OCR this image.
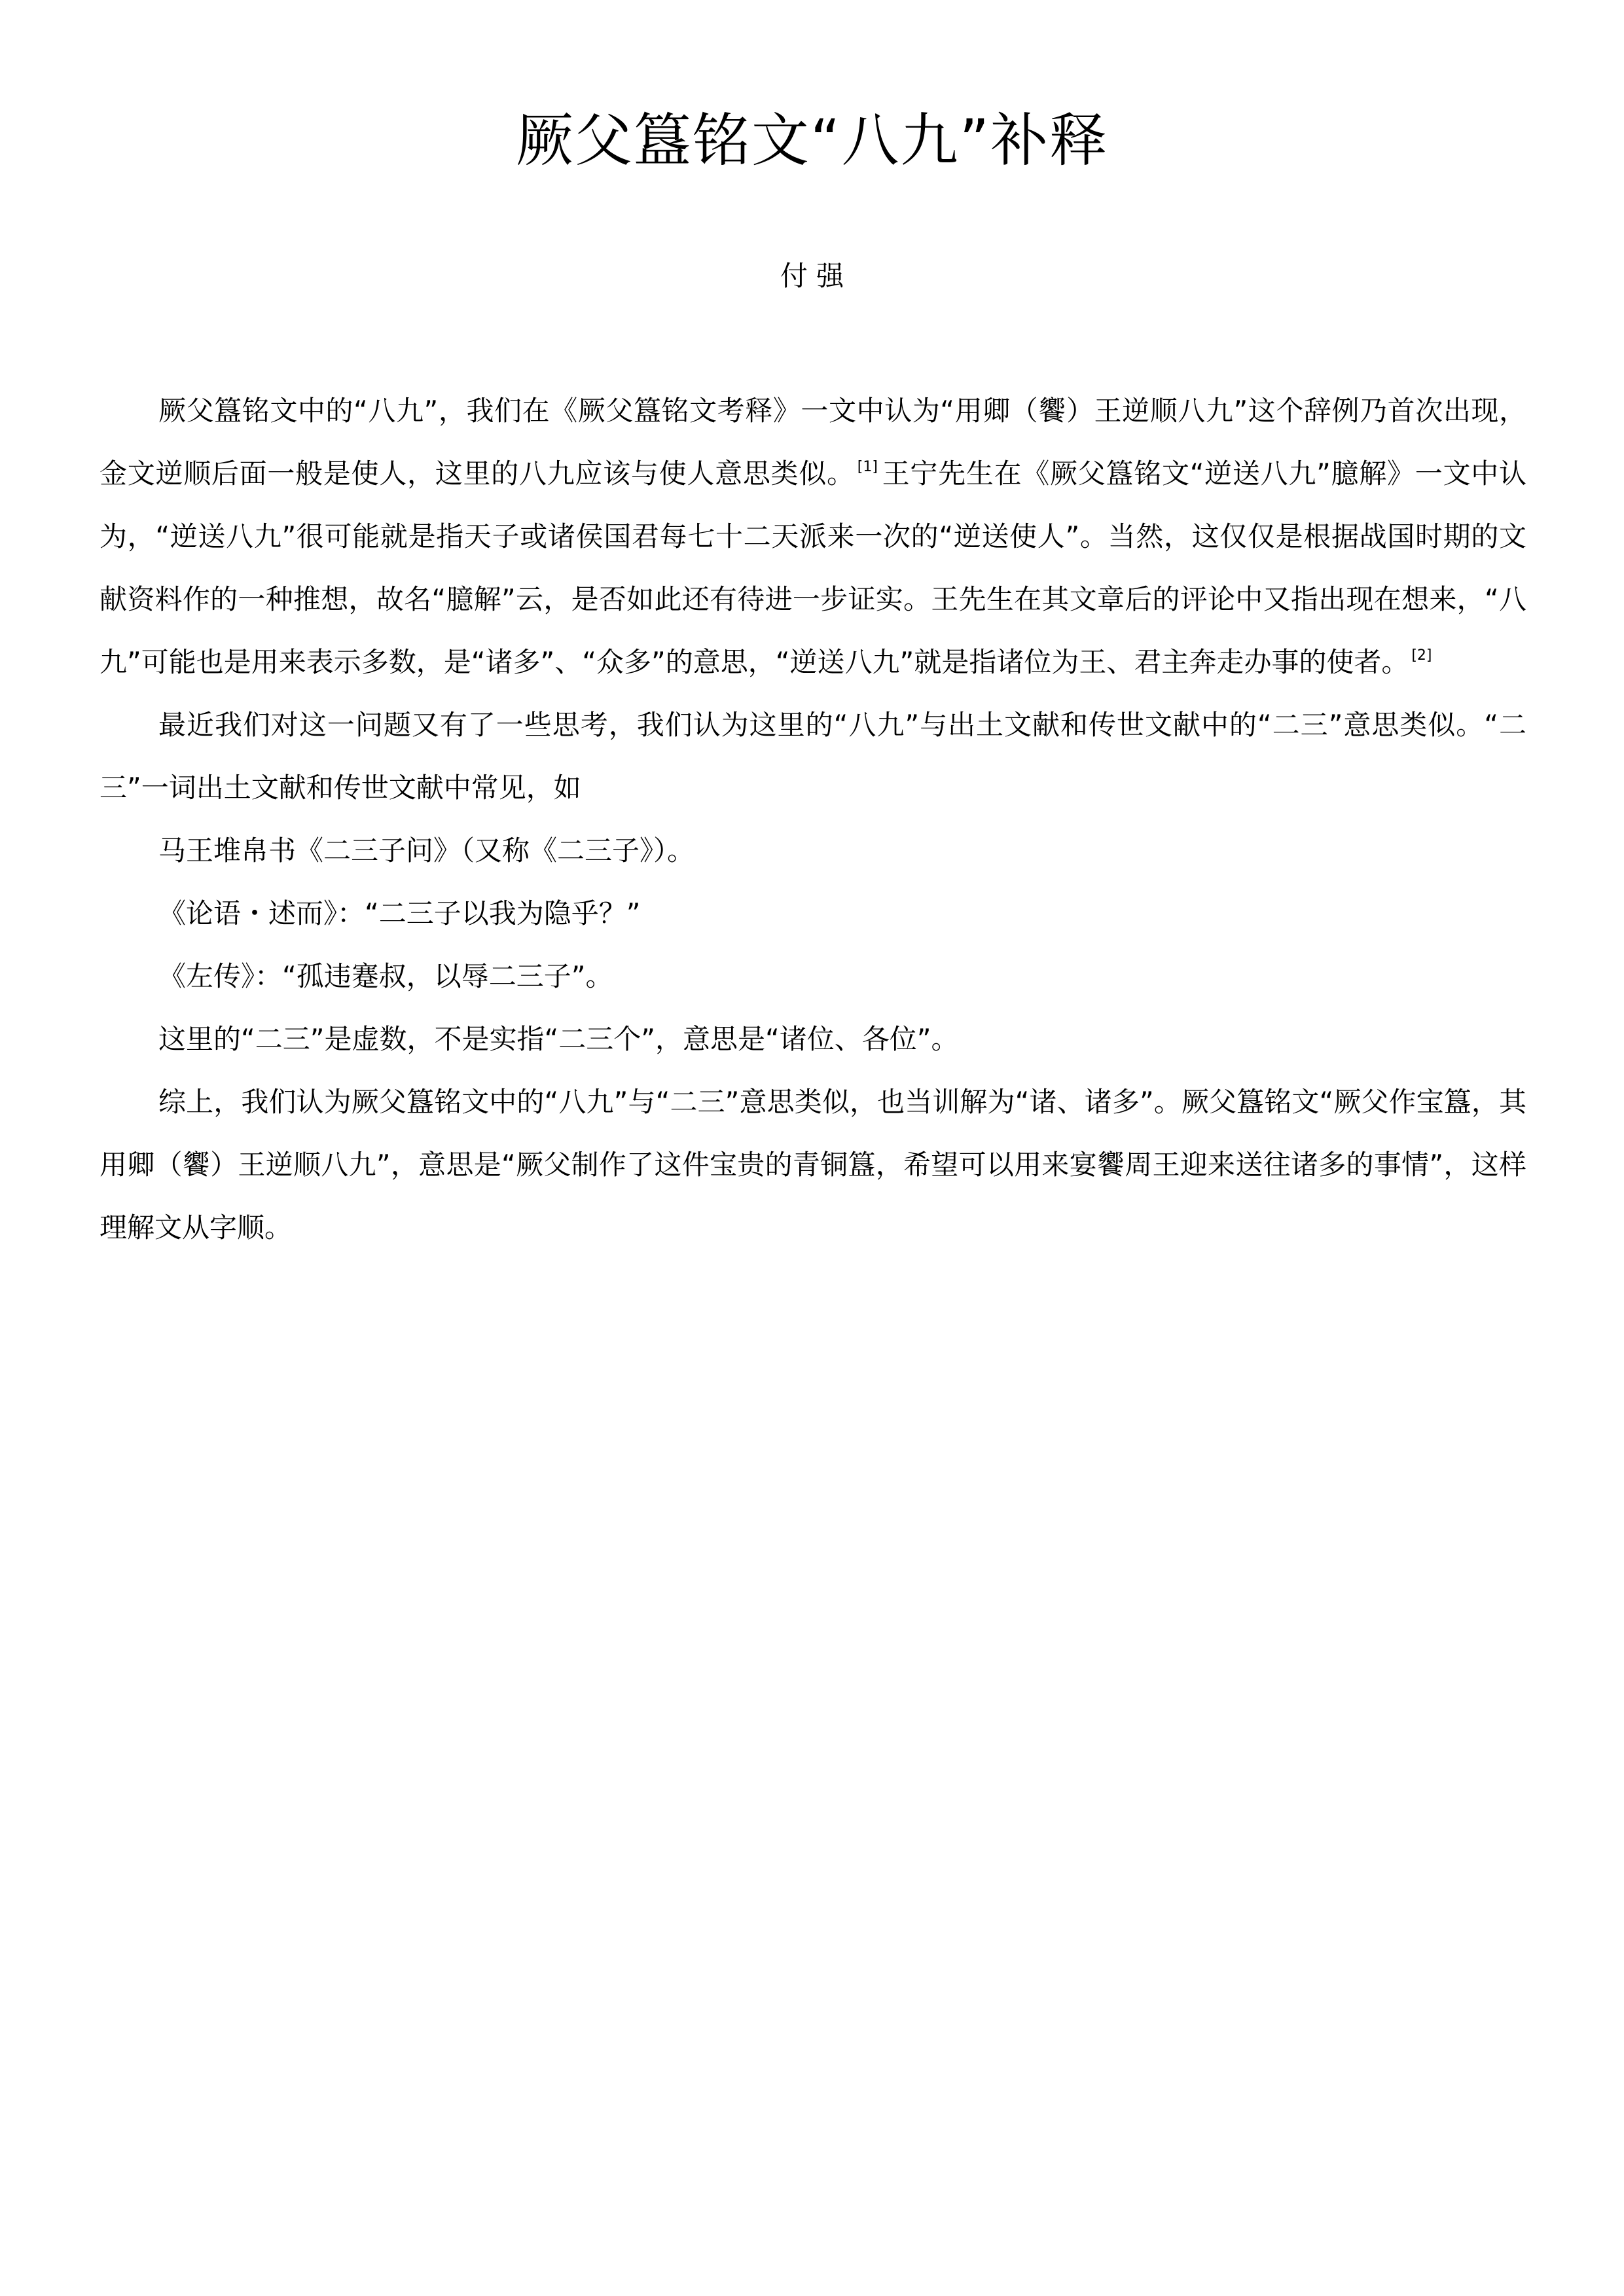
厥父簋铭文“八九”补释
付 强

厥父簋铭文中的“八九”，我们在《厥父簋铭文考释》一文中认为“用卿（饗）王逆顺八九”这个辞例乃首次出现，金文逆顺后面一般是使人，这里的八九应该与使人意思类似。 [1] 王宁先生在《厥父簋铭文“逆送八九”臆解》一文中认为，“逆送八九”很可能就是指天子或诸侯国君每七十二天派来一次的“逆送使人”。当然，这仅仅是根据战国时期的文献资料作的一种推想，故名“臆解”云，是否如此还有待进一步证实。王先生在其文章后的评论中又指出现在想来，“八九”可能也是用来表示多数，是“诸多”、“众多”的意思，“逆送八九”就是指诸位为王、君主奔走办事的使者。 [2]

最近我们对这一问题又有了一些思考，我们认为这里的“八九”与出土文献和传世文献中的“二三”意思类似。“二三”一词出土文献和传世文献中常见，如

马王堆帛书《二三子问》（又称《二三子》）。

《论语・述而》：“二三子以我为隐乎？”

《左传》：“孤违蹇叔，以辱二三子”。

这里的“二三”是虚数，不是实指“二三个”，意思是“诸位、各位”。

综上，我们认为厥父簋铭文中的“八九”与“二三”意思类似，也当训解为“诸、诸多”。厥父簋铭文“厥父作宝簋，其用卿（饗）王逆顺八九”，意思是“厥父制作了这件宝贵的青铜簋，希望可以用来宴饗周王迎来送往诸多的事情”，这样理解文从字顺。
